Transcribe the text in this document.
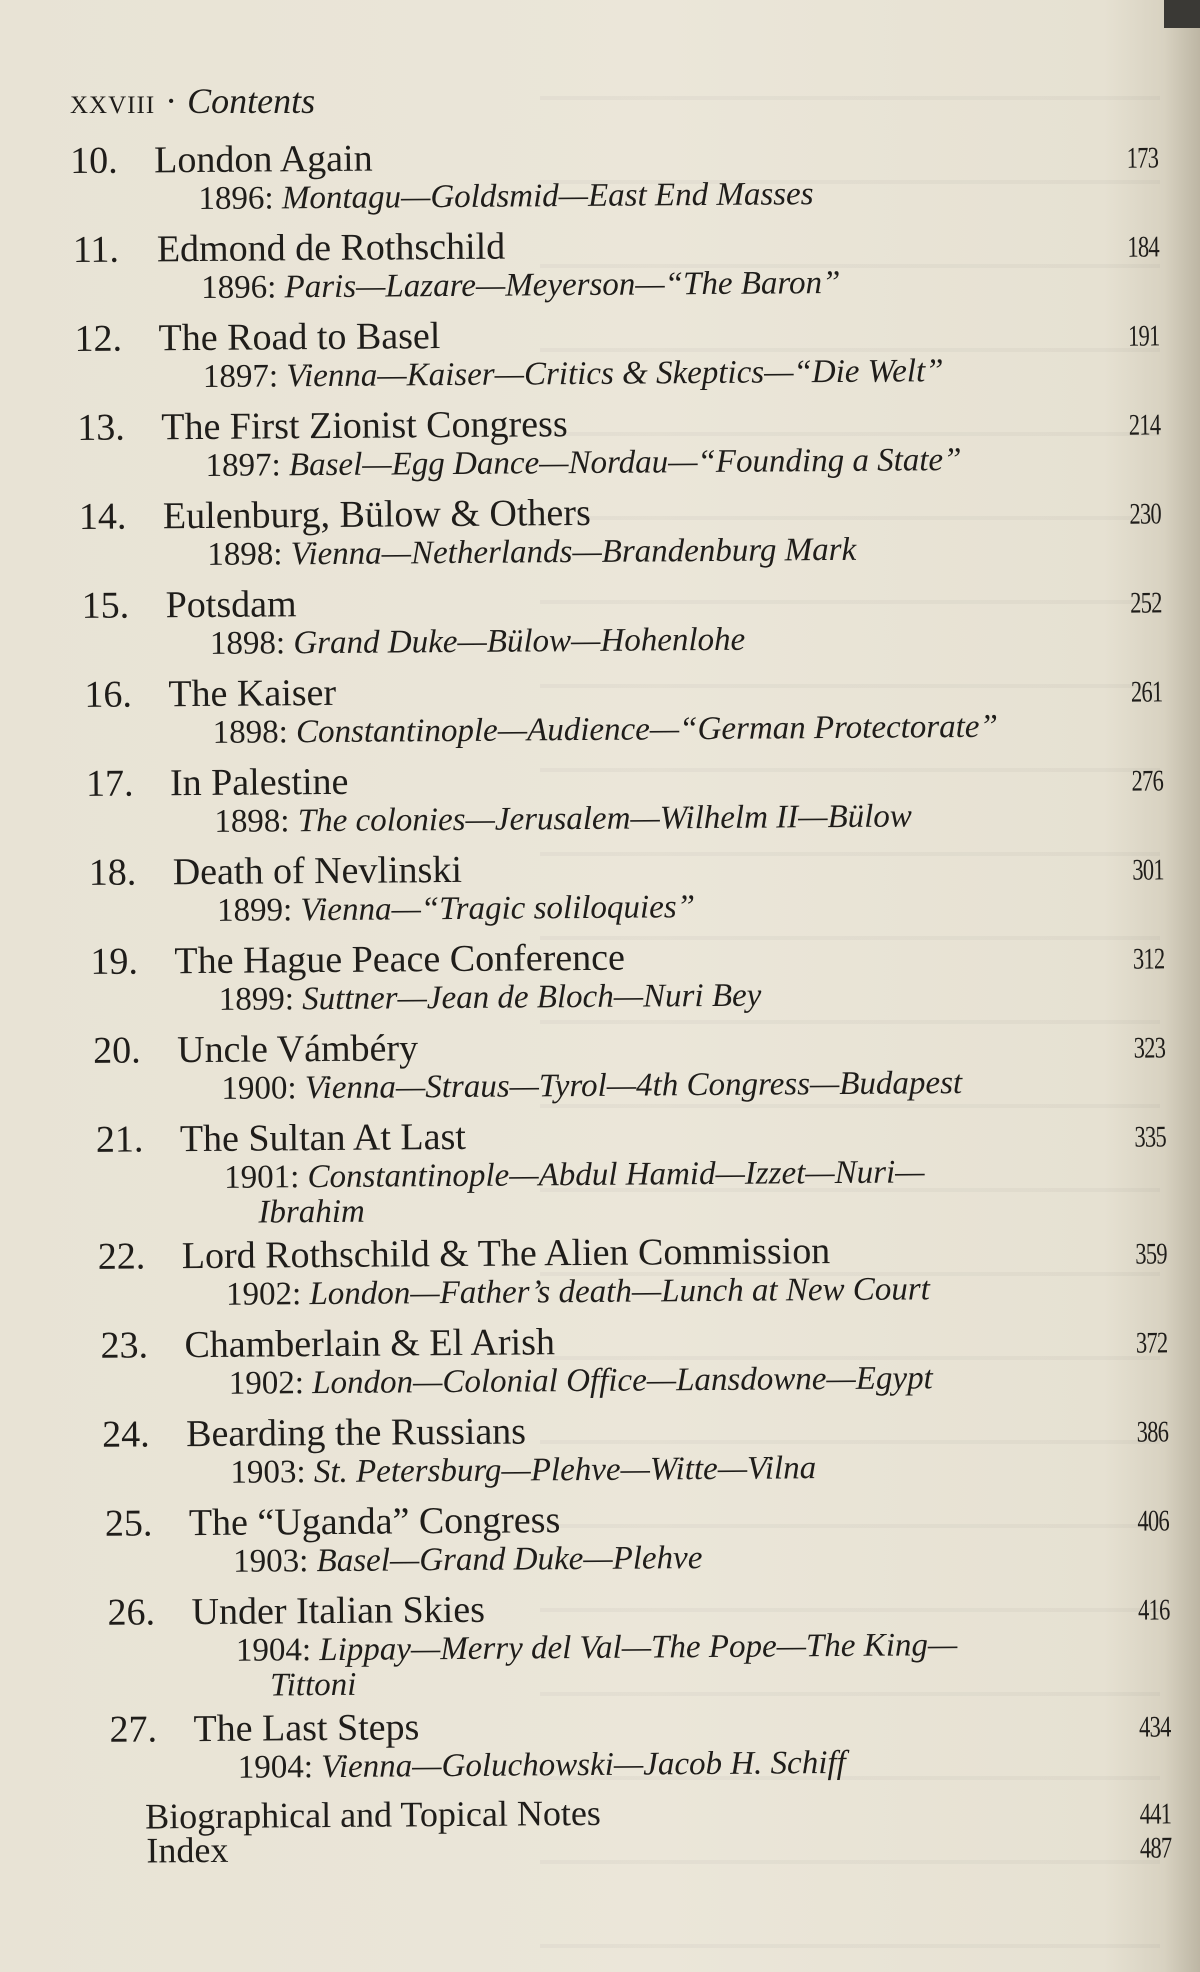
xxviii · Contents
10. London Again	173
1896: Montagu—Goldsmid—East End Masses
11. Edmond de Rothschild	184
1896: Paris—Lazare—Meyerson—“The Baron”
12. The Road to Basel	191
1897: Vienna—Kaiser—Critics & Skeptics—“Die Welt”
13. The First Zionist Congress	214
1897: Basel—Egg Dance—Nordau—“Founding a State”
14. Eulenburg, Bülow & Others	230
1898: Vienna—Netherlands—Brandenburg Mark
15. Potsdam	252
1898: Grand Duke—Bülow—Hohenlohe
16. The Kaiser	261
1898: Constantinople—Audience—“German Protectorate”
17. In Palestine	276
1898: The colonies—Jerusalem—Wilhelm II—Bülow
18. Death of Nevlinski	301
1899: Vienna—“Tragic soliloquies”
19. The Hague Peace Conference	312
1899: Suttner—Jean de Bloch—Nuri Bey
20. Uncle Vámbéry	323
1900: Vienna—Straus—Tyrol—4th Congress—Budapest
21. The Sultan At Last	335
1901: Constantinople—Abdul Hamid—Izzet—Nuri—
Ibrahim
22. Lord Rothschild & The Alien Commission	359
1902: London—Father’s death—Lunch at New Court
23. Chamberlain & El Arish	372
1902: London—Colonial Office—Lansdowne—Egypt
24. Bearding the Russians	386
1903: St. Petersburg—Plehve—Witte—Vilna
25. The “Uganda” Congress	406
1903: Basel—Grand Duke—Plehve
26. Under Italian Skies	416
1904: Lippay—Merry del Val—The Pope—The King—
Tittoni
27. The Last Steps	434
1904: Vienna—Goluchowski—Jacob H. Schiff
Biographical and Topical Notes	441
Index	487
